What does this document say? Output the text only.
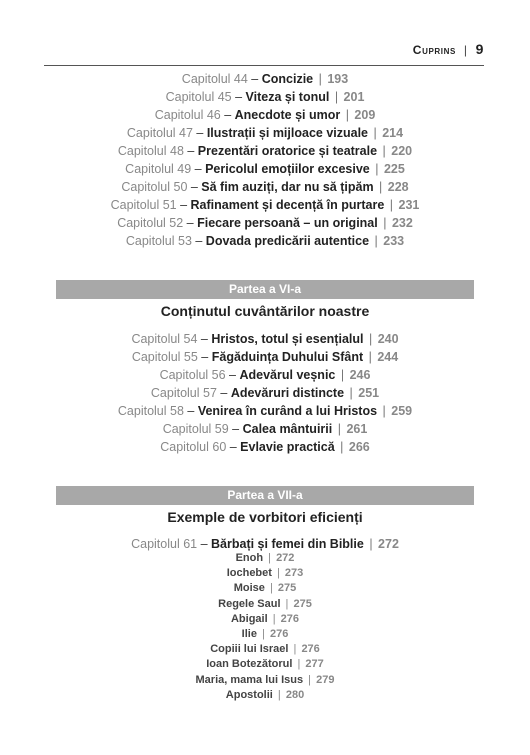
Cuprins | 9
Capitolul 44 – Concizie | 193
Capitolul 45 – Viteza și tonul | 201
Capitolul 46 – Anecdote și umor | 209
Capitolul 47 – Ilustrații și mijloace vizuale | 214
Capitolul 48 – Prezentări oratorice și teatrale | 220
Capitolul 49 – Pericolul emoțiilor excesive | 225
Capitolul 50 – Să fim auziți, dar nu să țipăm | 228
Capitolul 51 – Rafinament și decență în purtare | 231
Capitolul 52 – Fiecare persoană – un original | 232
Capitolul 53 – Dovada predicării autentice | 233
Partea a VI-a
Conținutul cuvântărilor noastre
Capitolul 54 – Hristos, totul și esențialul | 240
Capitolul 55 – Făgăduința Duhului Sfânt | 244
Capitolul 56 – Adevărul veșnic | 246
Capitolul 57 – Adevăruri distincte | 251
Capitolul 58 – Venirea în curând a lui Hristos | 259
Capitolul 59 – Calea mântuirii | 261
Capitolul 60 – Evlavie practică | 266
Partea a VII-a
Exemple de vorbitori eficienți
Capitolul 61 – Bărbați și femei din Biblie | 272
Enoh | 272
Iochebet | 273
Moise | 275
Regele Saul | 275
Abigail | 276
Ilie | 276
Copiii lui Israel | 276
Ioan Botezătorul | 277
Maria, mama lui Isus | 279
Apostolii | 280
